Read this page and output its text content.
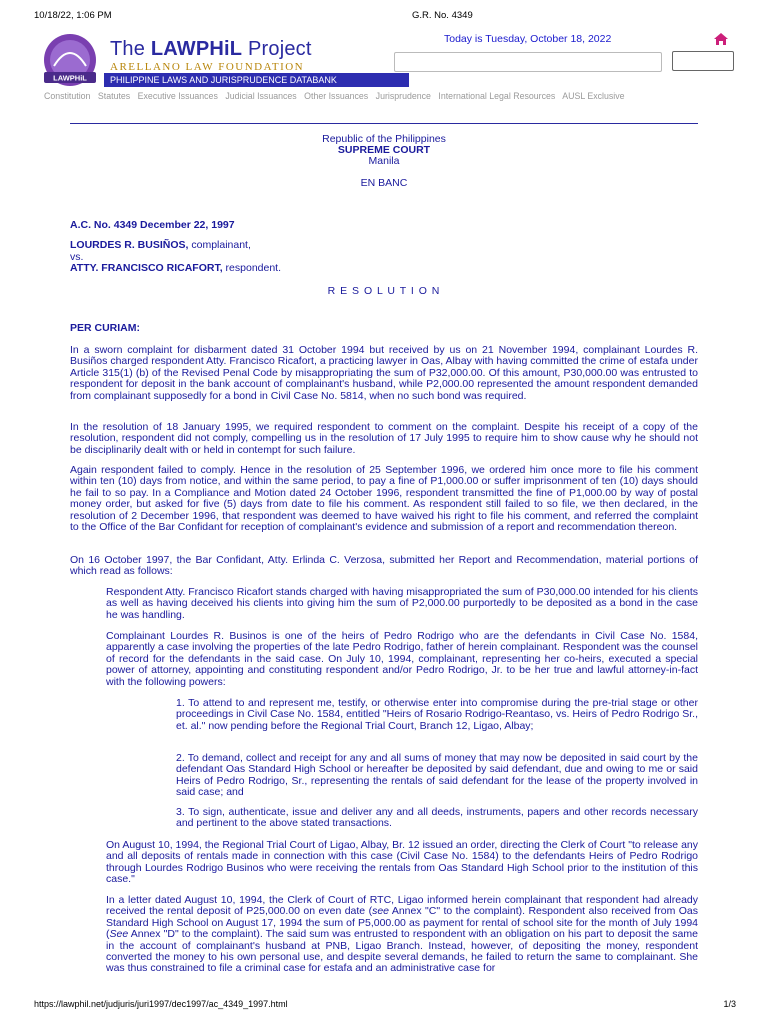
10/18/22, 1:06 PM	G.R. No. 4349
LAWPHiL
The LAWPHiL Project
ARELLANO LAW FOUNDATION
PHILIPPINE LAWS AND JURISPRUDENCE DATABANK
Today is Tuesday, October 18, 2022
Constitution Statutes Executive Issuances Judicial Issuances Other Issuances Jurisprudence International Legal Resources AUSL Exclusive
Republic of the Philippines
SUPREME COURT
Manila
EN BANC
A.C. No. 4349 December 22, 1997
LOURDES R. BUSIÑOS, complainant,
vs.
ATTY. FRANCISCO RICAFORT, respondent.
R E S O L U T I O N
PER CURIAM:
In a sworn complaint for disbarment dated 31 October 1994 but received by us on 21 November 1994, complainant Lourdes R. Busiños charged respondent Atty. Francisco Ricafort, a practicing lawyer in Oas, Albay with having committed the crime of estafa under Article 315(1) (b) of the Revised Penal Code by misappropriating the sum of P32,000.00. Of this amount, P30,000.00 was entrusted to respondent for deposit in the bank account of complainant's husband, while P2,000.00 represented the amount respondent demanded from complainant supposedly for a bond in Civil Case No. 5814, when no such bond was required.
In the resolution of 18 January 1995, we required respondent to comment on the complaint. Despite his receipt of a copy of the resolution, respondent did not comply, compelling us in the resolution of 17 July 1995 to require him to show cause why he should not be disciplinarily dealt with or held in contempt for such failure.
Again respondent failed to comply. Hence in the resolution of 25 September 1996, we ordered him once more to file his comment within ten (10) days from notice, and within the same period, to pay a fine of P1,000.00 or suffer imprisonment of ten (10) days should he fail to so pay. In a Compliance and Motion dated 24 October 1996, respondent transmitted the fine of P1,000.00 by way of postal money order, but asked for five (5) days from date to file his comment. As respondent still failed to so file, we then declared, in the resolution of 2 December 1996, that respondent was deemed to have waived his right to file his comment, and referred the complaint to the Office of the Bar Confidant for reception of complainant's evidence and submission of a report and recommendation thereon.
On 16 October 1997, the Bar Confidant, Atty. Erlinda C. Verzosa, submitted her Report and Recommendation, material portions of which read as follows:
Respondent Atty. Francisco Ricafort stands charged with having misappropriated the sum of P30,000.00 intended for his clients as well as having deceived his clients into giving him the sum of P2,000.00 purportedly to be deposited as a bond in the case he was handling.
Complainant Lourdes R. Businos is one of the heirs of Pedro Rodrigo who are the defendants in Civil Case No. 1584, apparently a case involving the properties of the late Pedro Rodrigo, father of herein complainant. Respondent was the counsel of record for the defendants in the said case. On July 10, 1994, complainant, representing her co-heirs, executed a special power of attorney, appointing and constituting respondent and/or Pedro Rodrigo, Jr. to be her true and lawful attorney-in-fact with the following powers:
1. To attend to and represent me, testify, or otherwise enter into compromise during the pre-trial stage or other proceedings in Civil Case No. 1584, entitled "Heirs of Rosario Rodrigo-Reantaso, vs. Heirs of Pedro Rodrigo Sr., et. al." now pending before the Regional Trial Court, Branch 12, Ligao, Albay;
2. To demand, collect and receipt for any and all sums of money that may now be deposited in said court by the defendant Oas Standard High School or hereafter be deposited by said defendant, due and owing to me or said Heirs of Pedro Rodrigo, Sr., representing the rentals of said defendant for the lease of the property involved in said case; and
3. To sign, authenticate, issue and deliver any and all deeds, instruments, papers and other records necessary and pertinent to the above stated transactions.
On August 10, 1994, the Regional Trial Court of Ligao, Albay, Br. 12 issued an order, directing the Clerk of Court "to release any and all deposits of rentals made in connection with this case (Civil Case No. 1584) to the defendants Heirs of Pedro Rodrigo through Lourdes Rodrigo Businos who were receiving the rentals from Oas Standard High School prior to the institution of this case."
In a letter dated August 10, 1994, the Clerk of Court of RTC, Ligao informed herein complainant that respondent had already received the rental deposit of P25,000.00 on even date (see Annex "C" to the complaint). Respondent also received from Oas Standard High School on August 17, 1994 the sum of P5,000.00 as payment for rental of school site for the month of July 1994 (See Annex "D" to the complaint). The said sum was entrusted to respondent with an obligation on his part to deposit the same in the account of complainant's husband at PNB, Ligao Branch. Instead, however, of depositing the money, respondent converted the money to his own personal use, and despite several demands, he failed to return the same to complainant. She was thus constrained to file a criminal case for estafa and an administrative case for
https://lawphil.net/judjuris/juri1997/dec1997/ac_4349_1997.html	1/3
